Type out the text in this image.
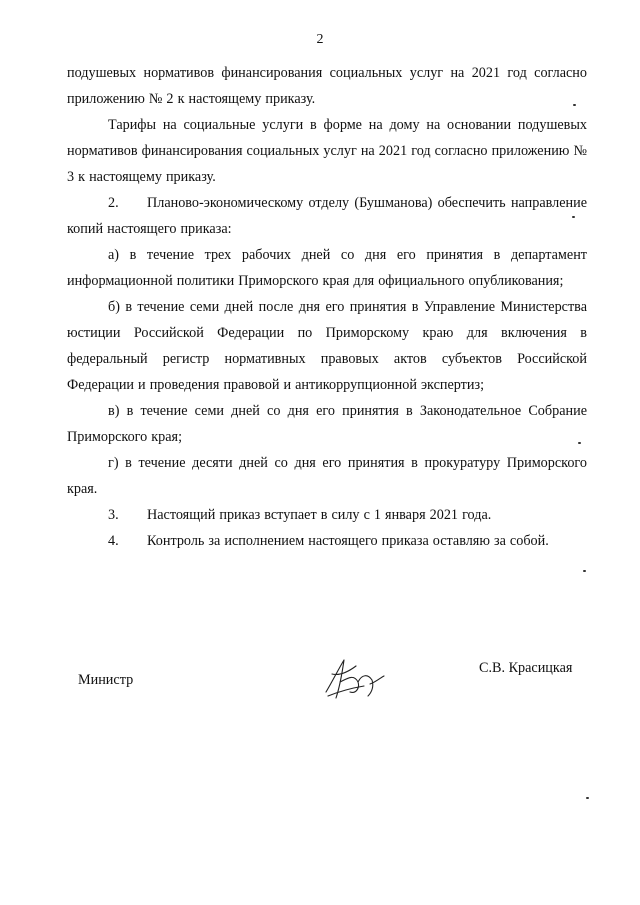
2

подушевых нормативов финансирования социальных услуг на 2021 год согласно приложению № 2 к настоящему приказу.

Тарифы на социальные услуги в форме на дому на основании подушевых нормативов финансирования социальных услуг на 2021 год согласно приложению № 3 к настоящему приказу.

2. Планово-экономическому отделу (Бушманова) обеспечить направление копий настоящего приказа:

а) в течение трех рабочих дней со дня его принятия в департамент информационной политики Приморского края для официального опубликования;

б) в течение семи дней после дня его принятия в Управление Министерства юстиции Российской Федерации по Приморскому краю для включения в федеральный регистр нормативных правовых актов субъектов Российской Федерации и проведения правовой и антикоррупционной экспертиз;

в) в течение семи дней со дня его принятия в Законодательное Собрание Приморского края;

г) в течение десяти дней со дня его принятия в прокуратуру Приморского края.

3. Настоящий приказ вступает в силу с 1 января 2021 года.

4. Контроль за исполнением настоящего приказа оставляю за собой.

Министр
С.В. Красицкая
